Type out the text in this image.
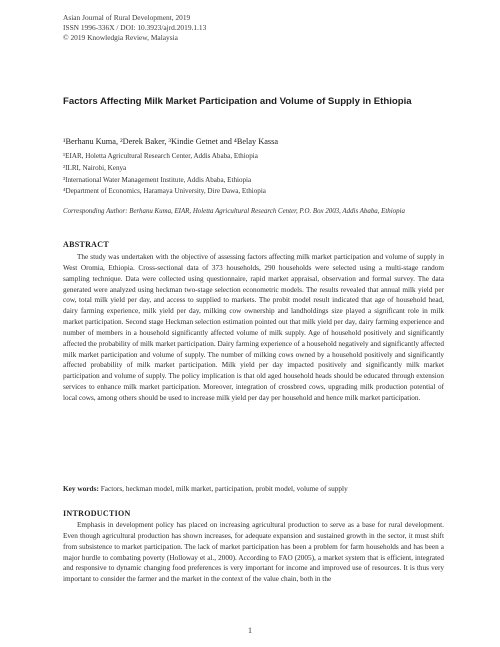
Asian Journal of Rural Development, 2019
ISSN 1996-336X / DOI: 10.3923/ajrd.2019.1.13
© 2019 Knowledgia Review, Malaysia
Factors Affecting Milk Market Participation and Volume of Supply in Ethiopia
¹Berhanu Kuma, ²Derek Baker, ³Kindie Getnet and ⁴Belay Kassa
¹EIAR, Holetta Agricultural Research Center, Addis Ababa, Ethiopia
²ILRI, Nairobi, Kenya
³International Water Management Institute, Addis Ababa, Ethiopia
⁴Department of Economics, Haramaya University, Dire Dawa, Ethiopia
Corresponding Author: Berhanu Kuma, EIAR, Holetta Agricultural Research Center, P.O. Box 2003, Addis Ababa, Ethiopia
ABSTRACT

The study was undertaken with the objective of assessing factors affecting milk market participation and volume of supply in West Oromia, Ethiopia. Cross-sectional data of 373 households, 290 households were selected using a multi-stage random sampling technique. Data were collected using questionnaire, rapid market appraisal, observation and formal survey. The data generated were analyzed using heckman two-stage selection econometric models. The results revealed that annual milk yield per cow, total milk yield per day, and access to supplied to markets. The probit model result indicated that age of household head, dairy farming experience, milk yield per day, milking cow ownership and landholdings size played a significant role in milk market participation. Second stage Heckman selection estimation pointed out that milk yield per day, dairy farming experience and number of members in a household significantly affected volume of milk supply. Age of household positively and significantly affected the probability of milk market participation. Dairy farming experience of a household negatively and significantly affected milk market participation and volume of supply. The number of milking cows owned by a household positively and significantly affected probability of milk market participation. Milk yield per day impacted positively and significantly milk market participation and volume of supply. The policy implication is that old aged household heads should be educated through extension services to enhance milk market participation. Moreover, integration of crossbred cows, upgrading milk production potential of local cows, among others should be used to increase milk yield per day per household and hence milk market participation.

Key words: Factors, heckman model, milk market, participation, probit model, volume of supply
INTRODUCTION

Emphasis in development policy has placed on increasing agricultural production to serve as a base for rural development. Even though agricultural production has shown increases, for adequate expansion and sustained growth in the sector, it must shift from subsistence to market participation. The lack of market participation has been a problem for farm households and has been a major hurdle to combating poverty (Holloway et al., 2000). According to FAO (2005), a market system that is efficient, integrated and responsive to dynamic changing food preferences is very important for income and improved use of resources. It is thus very important to consider the farmer and the market in the context of the value chain, both in the

1
